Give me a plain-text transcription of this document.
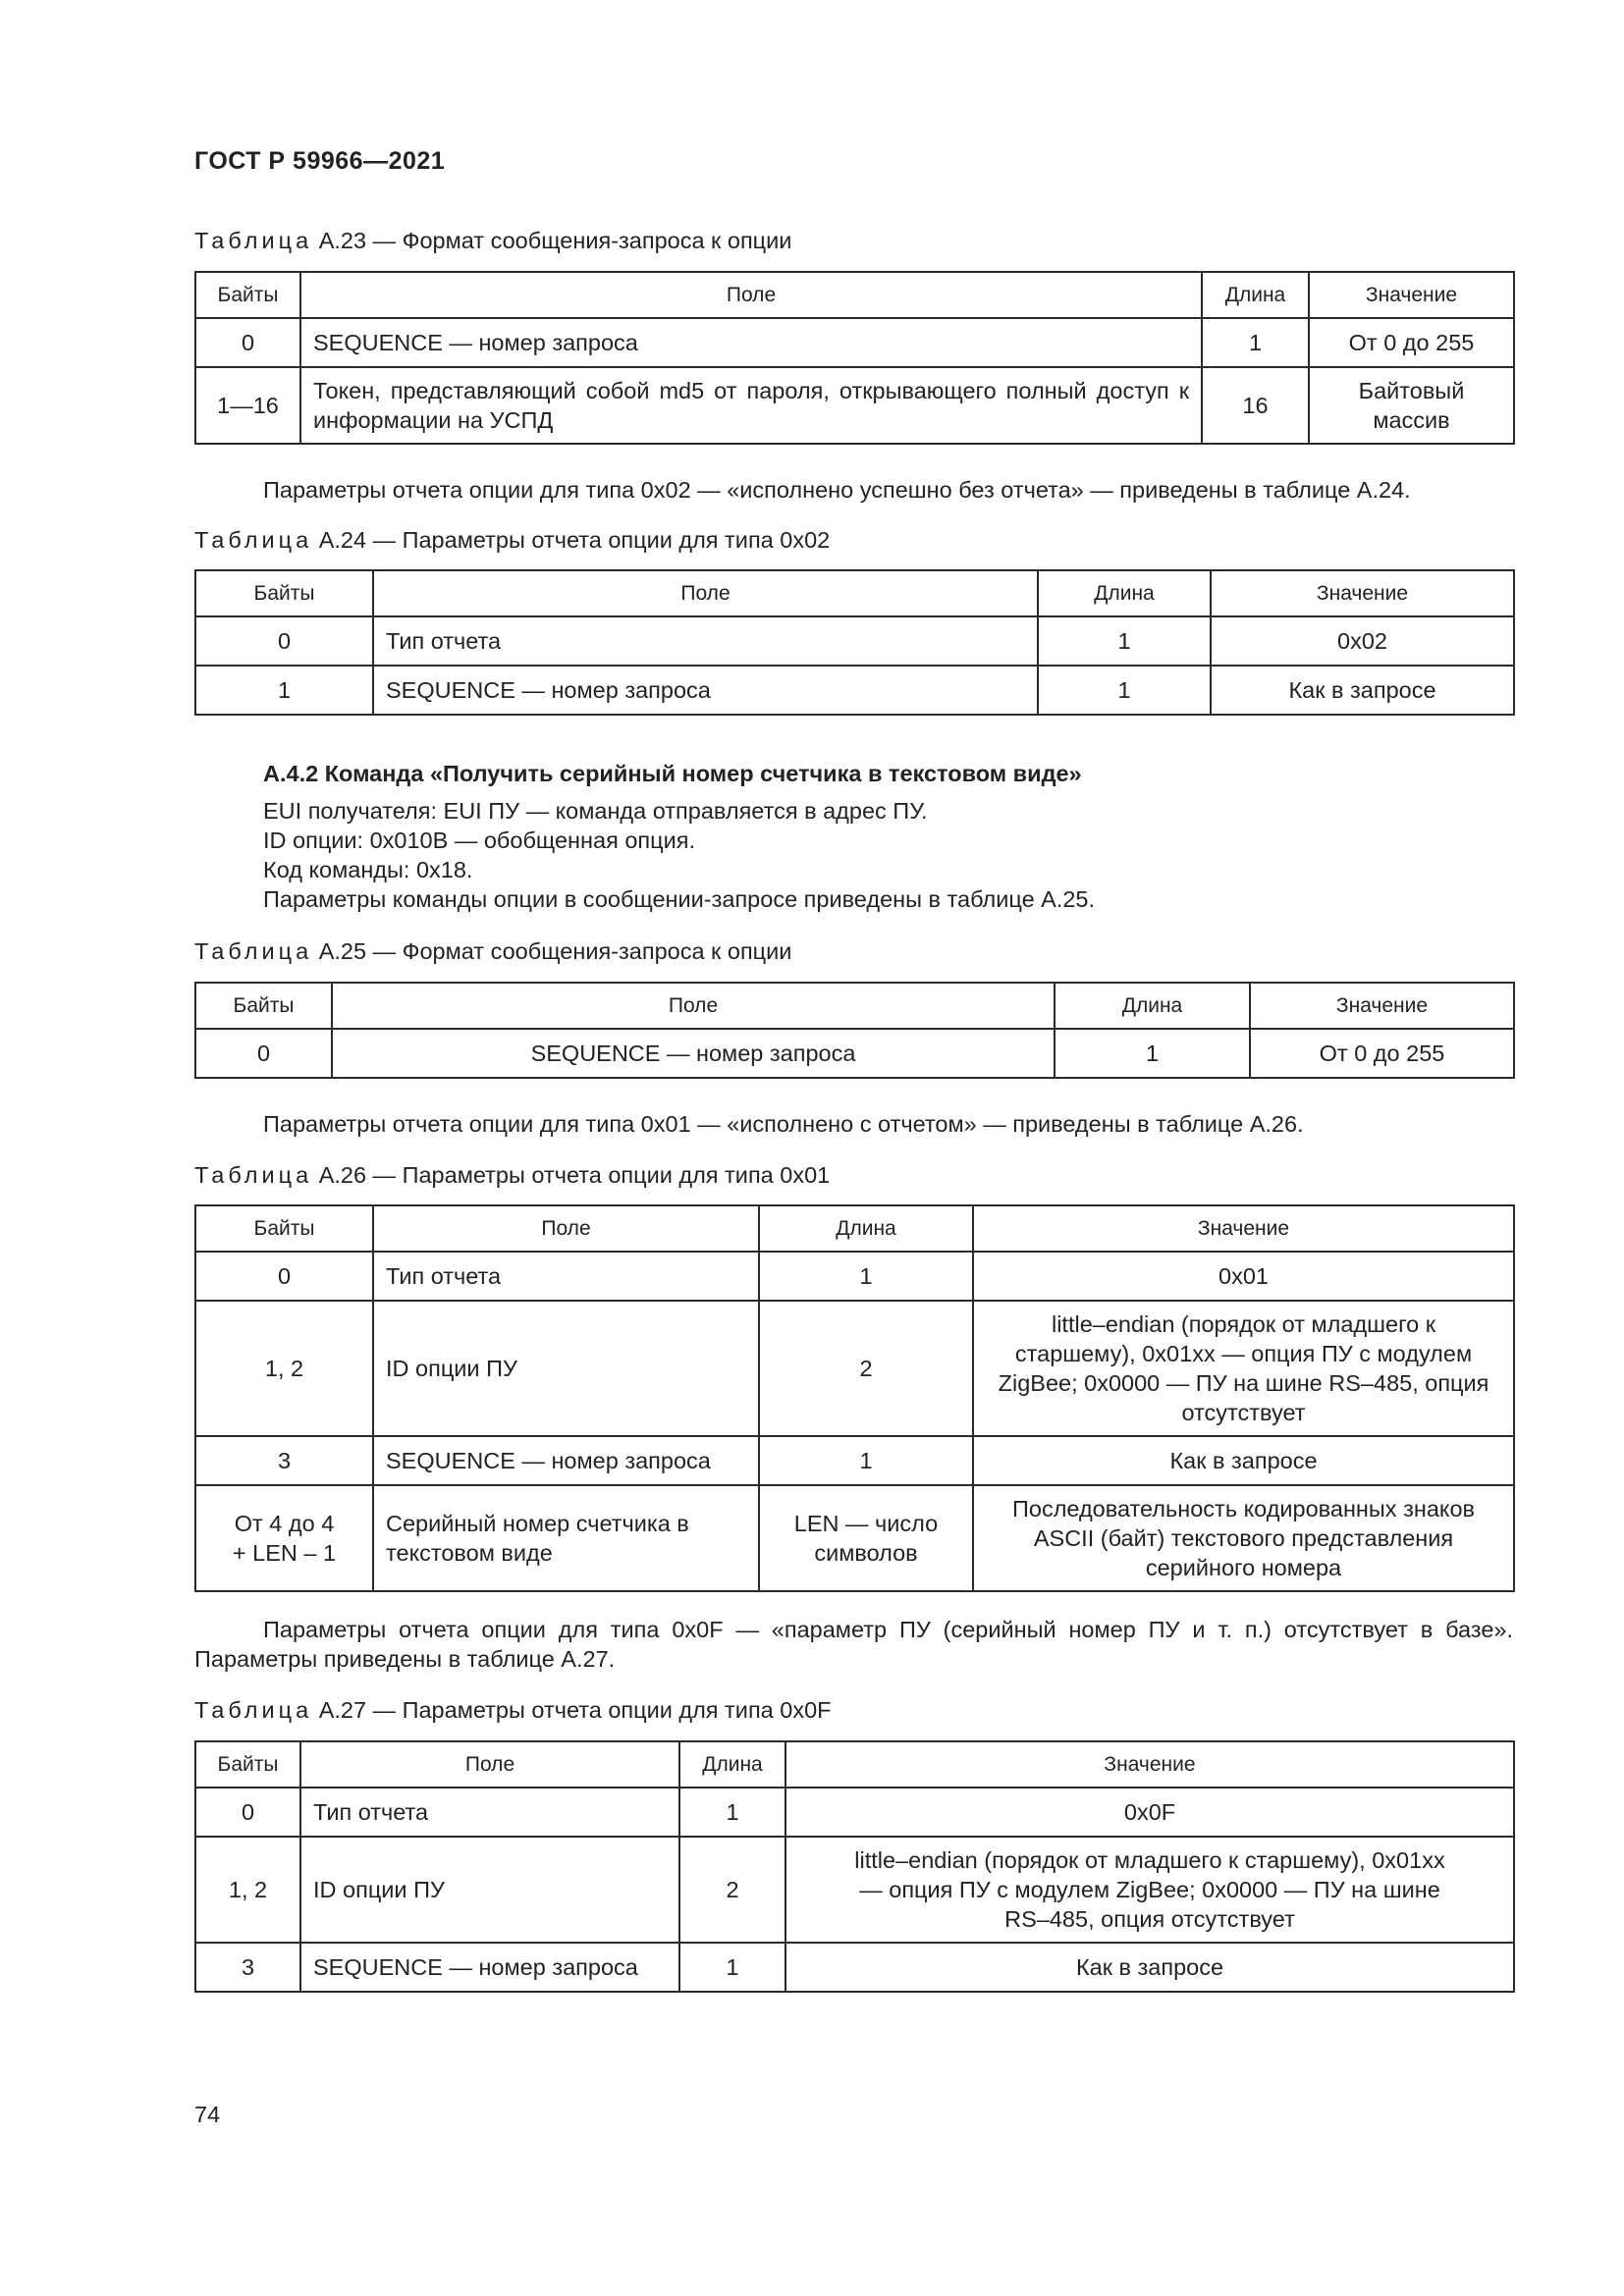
ГОСТ Р 59966—2021
Таблица А.23 — Формат сообщения-запроса к опции
Байты	Поле	Длина	Значение
0	SEQUENCE — номер запроса	1	От 0 до 255
1—16	Токен, представляющий собой md5 от пароля, открывающего полный доступ к информации на УСПД	16	Байтовый массив
Параметры отчета опции для типа 0x02 — «исполнено успешно без отчета» — приведены в таблице А.24.
Таблица А.24 — Параметры отчета опции для типа 0x02
Байты	Поле	Длина	Значение
0	Тип отчета	1	0x02
1	SEQUENCE — номер запроса	1	Как в запросе
А.4.2 Команда «Получить серийный номер счетчика в текстовом виде»
EUI получателя: EUI ПУ — команда отправляется в адрес ПУ.
ID опции: 0x010B — обобщенная опция.
Код команды: 0x18.
Параметры команды опции в сообщении-запросе приведены в таблице А.25.
Таблица А.25 — Формат сообщения-запроса к опции
Байты	Поле	Длина	Значение
0	SEQUENCE — номер запроса	1	От 0 до 255
Параметры отчета опции для типа 0x01 — «исполнено с отчетом» — приведены в таблице А.26.
Таблица А.26 — Параметры отчета опции для типа 0x01
Байты	Поле	Длина	Значение
0	Тип отчета	1	0x01
1, 2	ID опции ПУ	2	little–endian (порядок от младшего к старшему), 0x01xx — опция ПУ с модулем ZigBee; 0x0000 — ПУ на шине RS–485, опция отсутствует
3	SEQUENCE — номер запроса	1	Как в запросе
От 4 до 4 + LEN – 1	Серийный номер счетчика в текстовом виде	LEN — число символов	Последовательность кодированных знаков ASCII (байт) текстового представления серийного номера
Параметры отчета опции для типа 0x0F — «параметр ПУ (серийный номер ПУ и т. п.) отсутствует в базе». Параметры приведены в таблице А.27.
Таблица А.27 — Параметры отчета опции для типа 0x0F
Байты	Поле	Длина	Значение
0	Тип отчета	1	0x0F
1, 2	ID опции ПУ	2	little–endian (порядок от младшего к старшему), 0x01xx — опция ПУ с модулем ZigBee; 0x0000 — ПУ на шине RS–485, опция отсутствует
3	SEQUENCE — номер запроса	1	Как в запросе
74
